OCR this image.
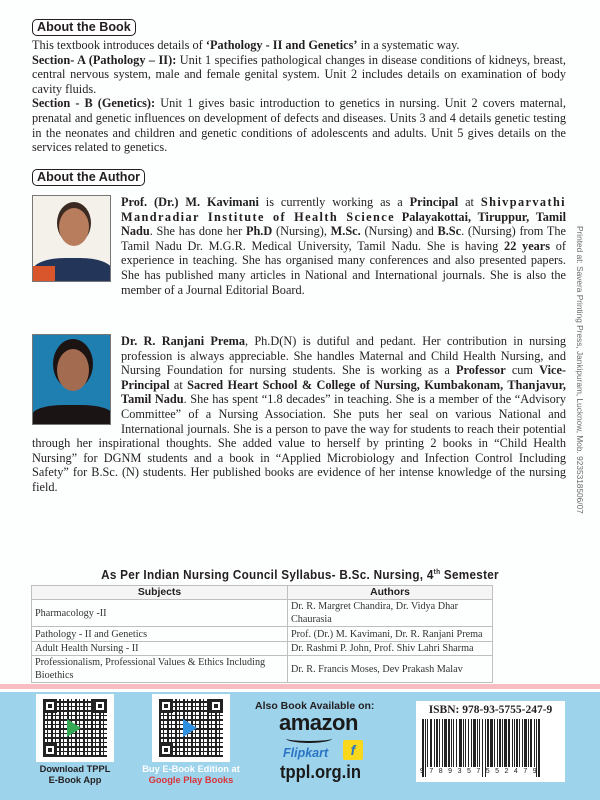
About the Book
This textbook introduces details of ‘Pathology - II and Genetics’ in a systematic way.
Section- A (Pathology – II): Unit 1 specifies pathological changes in disease conditions of kidneys, breast, central nervous system, male and female genital system. Unit 2 includes details on examination of body cavity fluids.
Section - B (Genetics): Unit 1 gives basic introduction to genetics in nursing. Unit 2 covers maternal, prenatal and genetic influences on development of defects and diseases. Units 3 and 4 details genetic testing in the neonates and children and genetic conditions of adolescents and adults. Unit 5 gives details on the services related to genetics.
About the Author
Prof. (Dr.) M. Kavimani is currently working as a Principal at Shivparvathi Mandradiar Institute of Health Science Palayakottai, Tiruppur, Tamil Nadu. She has done her Ph.D (Nursing), M.Sc. (Nursing) and B.Sc. (Nursing) from The Tamil Nadu Dr. M.G.R. Medical University, Tamil Nadu. She is having 22 years of experience in teaching. She has organised many conferences and also presented papers. She has published many articles in National and International journals. She is also the member of a Journal Editorial Board.
Dr. R. Ranjani Prema, Ph.D(N) is dutiful and pedant. Her contribution in nursing profession is always appreciable. She handles Maternal and Child Health Nursing, and Nursing Foundation for nursing students. She is working as a Professor cum Vice-Principal at Sacred Heart School & College of Nursing, Kumbakonam, Thanjavur, Tamil Nadu. She has spent “1.8 decades” in teaching. She is a member of the “Advisory Committee” of a Nursing Association. She puts her seal on various National and International journals. She is a person to pave the way for students to reach their potential through her inspirational thoughts. She added value to herself by printing 2 books in “Child Health Nursing” for DGNM students and a book in “Applied Microbiology and Infection Control Including Safety” for B.Sc. (N) students. Her published books are evidence of her intense knowledge of the nursing field.
As Per Indian Nursing Council Syllabus- B.Sc. Nursing, 4th Semester
Subjects	Authors
Pharmacology -II	Dr. R. Margret Chandira, Dr. Vidya Dhar Chaurasia
Pathology - II and Genetics	Prof. (Dr.) M. Kavimani, Dr. R. Ranjani Prema
Adult Health Nursing - II	Dr. Rashmi P. John, Prof. Shiv Lahri Sharma
Professionalism, Professional Values & Ethics Including Bioethics	Dr. R. Francis Moses, Dev Prakash Malav
Printed at: Savera Printing Press, Jankipuram, Lucknow, Mob. 9235318506/07
Download TPPL
E-Book App
Buy E-Book Edition at
Google Play Books
Also Book Available on:
amazon
Flipkart	f
tppl.org.in
ISBN: 978-93-5755-247-9
9789357552479
